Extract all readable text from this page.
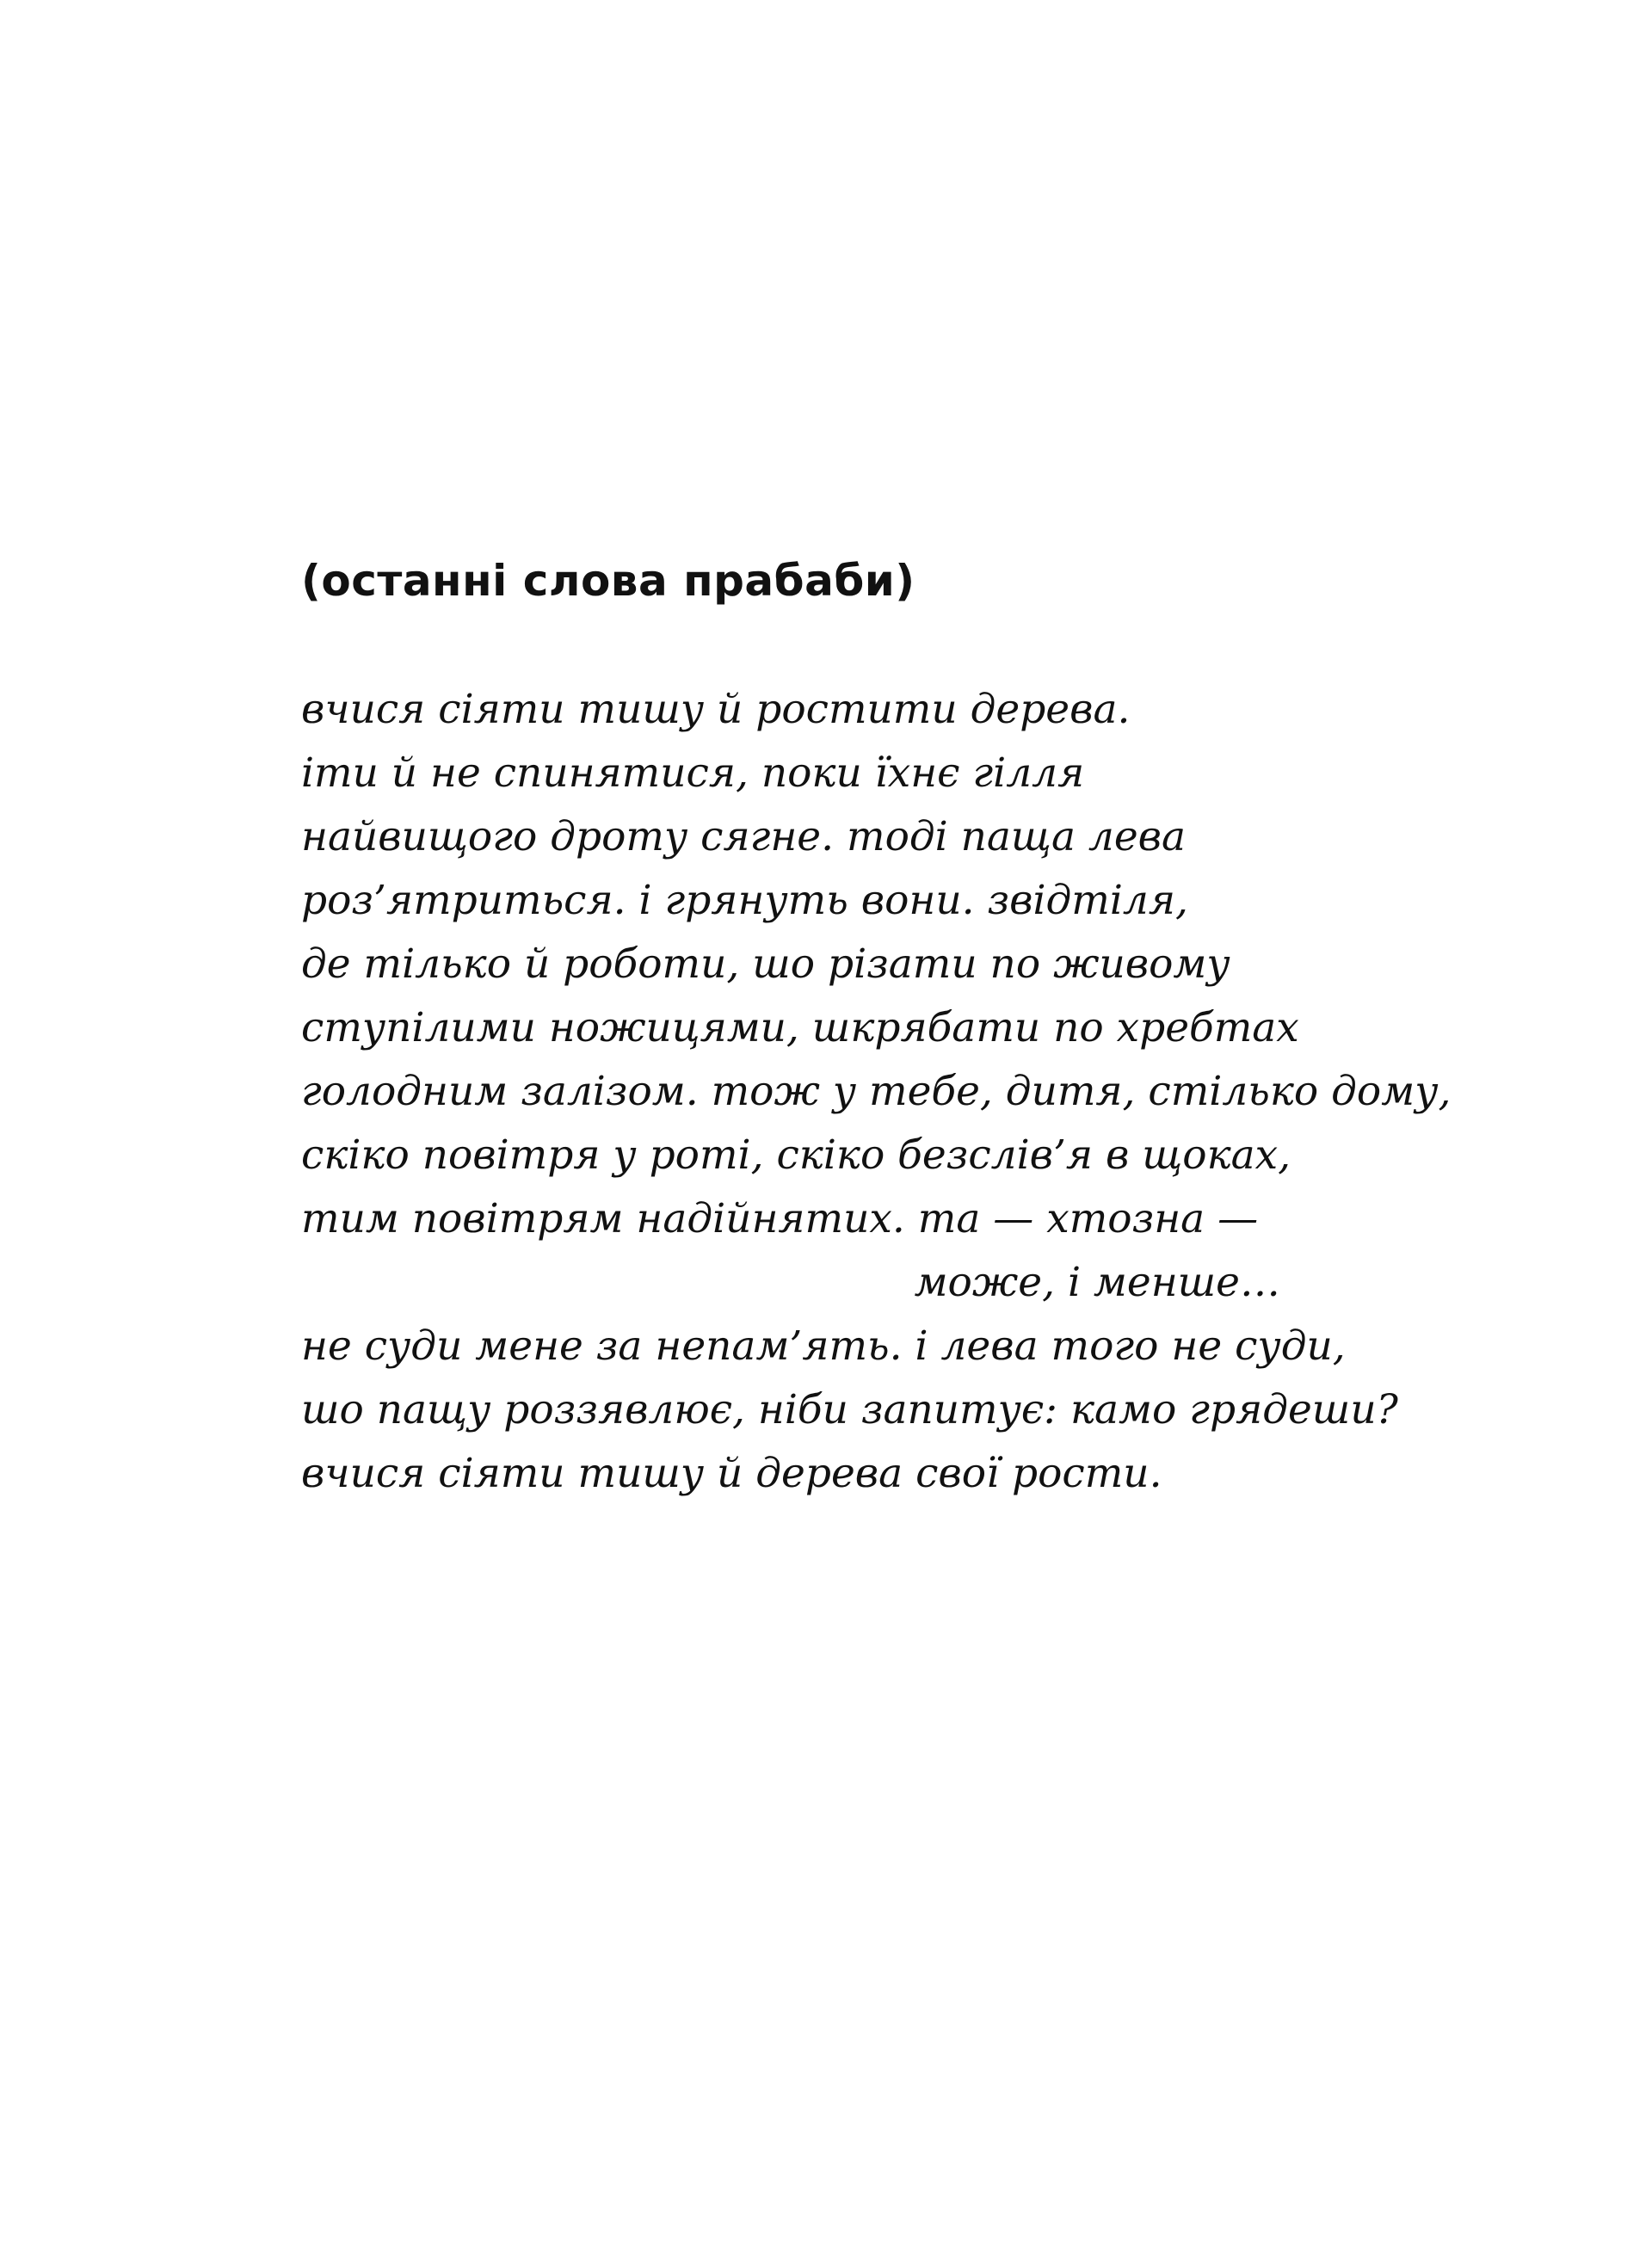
(останні слова прабаби)
вчися сіяти тишу й ростити дерева.
іти й не спинятися, поки їхнє гілля
найвищого дроту сягне. тоді паща лева
роз’ятриться. і грянуть вони. звідтіля,
де тілько й роботи, шо різати по живому
ступілими ножицями, шкрябати по хребтах
голодним залізом. тож у тебе, дитя, стілько дому,
скіко повітря у роті, скіко безслів’я в щоках,
тим повітрям надійнятих. та — хтозна —
може, і менше…
не суди мене за непам’ять. і лева того не суди,
шо пащу роззявлює, ніби запитує: камо грядеши?
вчися сіяти тишу й дерева свої рости.
